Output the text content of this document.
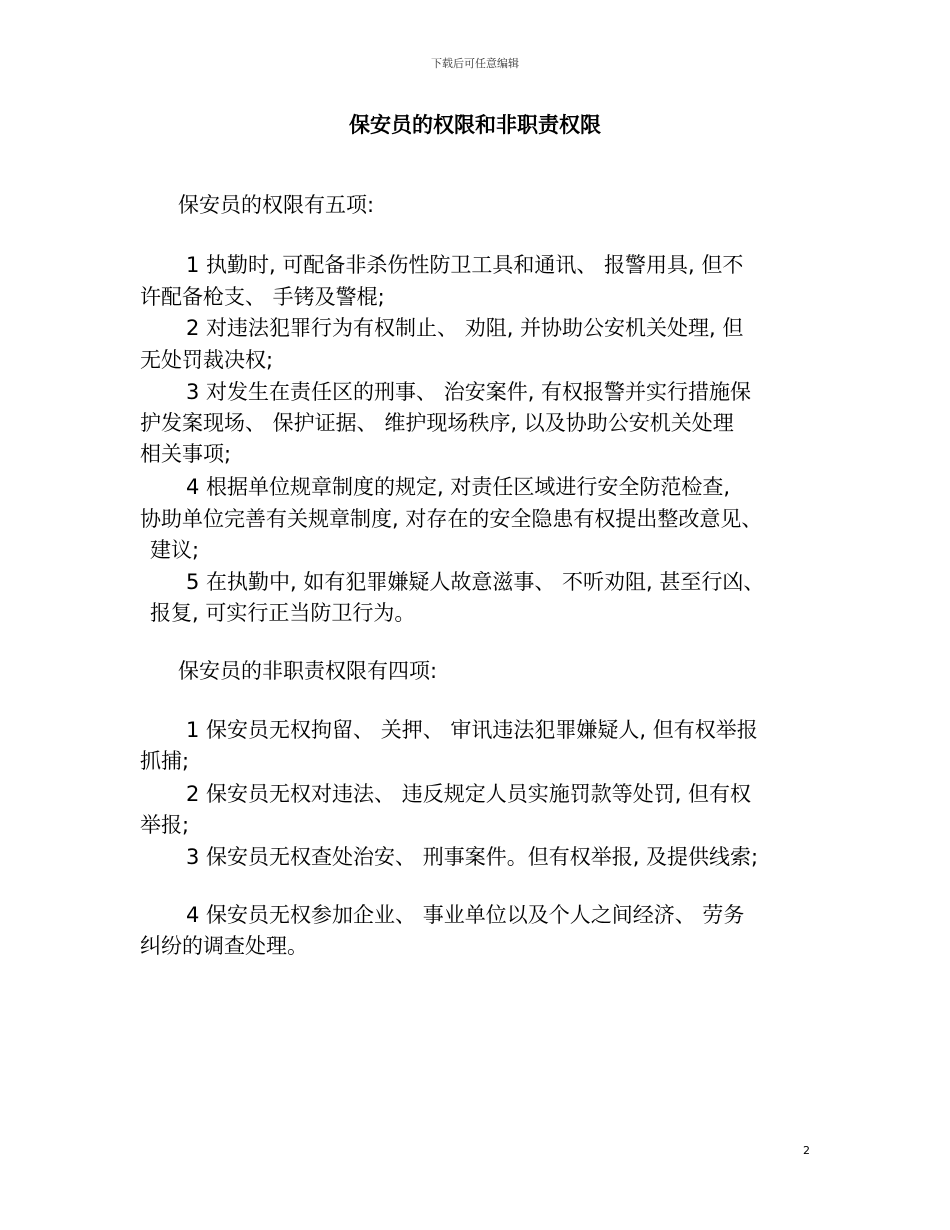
下载后可任意编辑
保安员的权限和非职责权限
保安员的权限有五项:
1 执勤时, 可配备非杀伤性防卫工具和通讯、 报警用具, 但不
许配备枪支、 手铐及警棍;
2 对违法犯罪行为有权制止、 劝阻, 并协助公安机关处理, 但
无处罚裁决权;
3 对发生在责任区的刑事、 治安案件, 有权报警并实行措施保
护发案现场、 保护证据、 维护现场秩序, 以及协助公安机关处理
相关事项;
4 根据单位规章制度的规定, 对责任区域进行安全防范检查,
协助单位完善有关规章制度, 对存在的安全隐患有权提出整改意见、
建议;
5 在执勤中, 如有犯罪嫌疑人故意滋事、 不听劝阻, 甚至行凶、
报复, 可实行正当防卫行为。
保安员的非职责权限有四项:
1 保安员无权拘留、 关押、 审讯违法犯罪嫌疑人, 但有权举报
抓捕;
2 保安员无权对违法、 违反规定人员实施罚款等处罚, 但有权
举报;
3 保安员无权查处治安、 刑事案件。但有权举报, 及提供线索;
4 保安员无权参加企业、 事业单位以及个人之间经济、 劳务
纠纷的调查处理。
2
